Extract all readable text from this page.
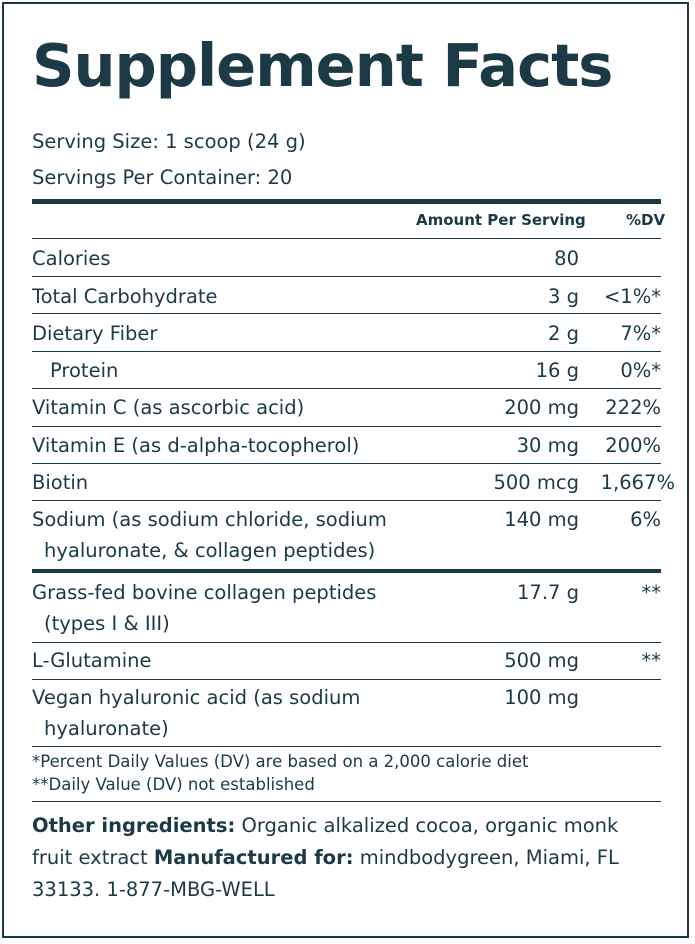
Supplement Facts
Serving Size: 1 scoop (24 g)
Servings Per Container: 20
Amount Per Serving	%DV
Calories	80
Total Carbohydrate	3 g <1%*
Dietary Fiber	2 g 7%*
Protein	16 g 0%*
Vitamin C (as ascorbic acid)	200 mg 222%
Vitamin E (as d-alpha-tocopherol)	30 mg 200%
Biotin	500 mcg 1,667%
Sodium (as sodium chloride, sodium
hyaluronate, & collagen peptides)
140 mg	6%
Grass-fed bovine collagen peptides
(types I & III)
17.7 g	**
L-Glutamine	500 mg	**
Vegan hyaluronic acid (as sodium
hyaluronate)
100 mg
*Percent Daily Values (DV) are based on a 2,000 calorie diet
**Daily Value (DV) not established
Other ingredients: Organic alkalized cocoa, organic monk fruit extract Manufactured for: mindbodygreen, Miami, FL 33133. 1-877-MBG-WELL
